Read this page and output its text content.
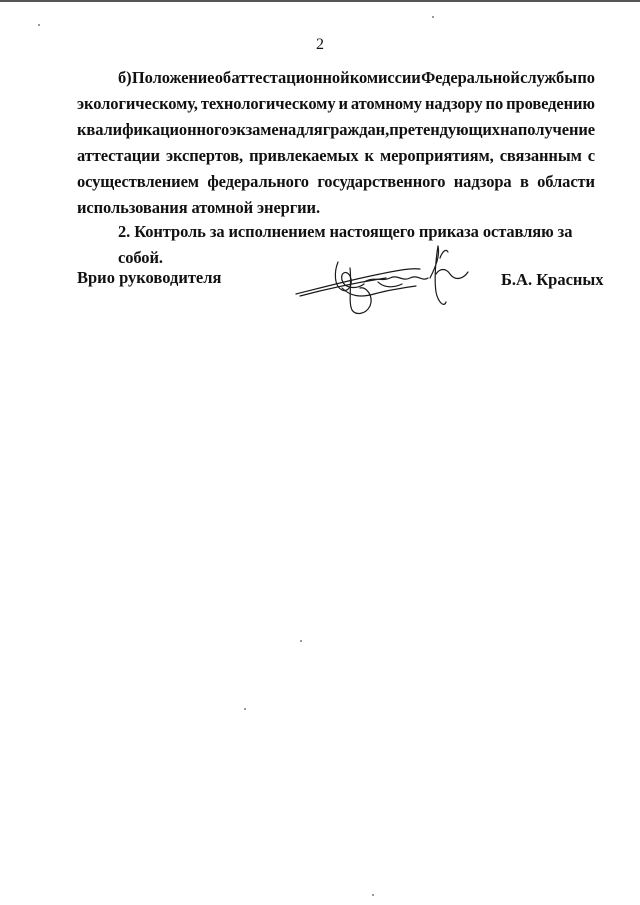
2

б) Положение об аттестационной комиссии Федеральной службы по
экологическому, технологическому и атомному надзору по проведению
квалификационного экзамена для граждан, претендующих на получение
аттестации экспертов, привлекаемых к мероприятиям, связанным с
осуществлением федерального государственного надзора в области
использования атомной энергии.

2. Контроль за исполнением настоящего приказа оставляю за собой.
Врио руководителя	Б.А. Красных
